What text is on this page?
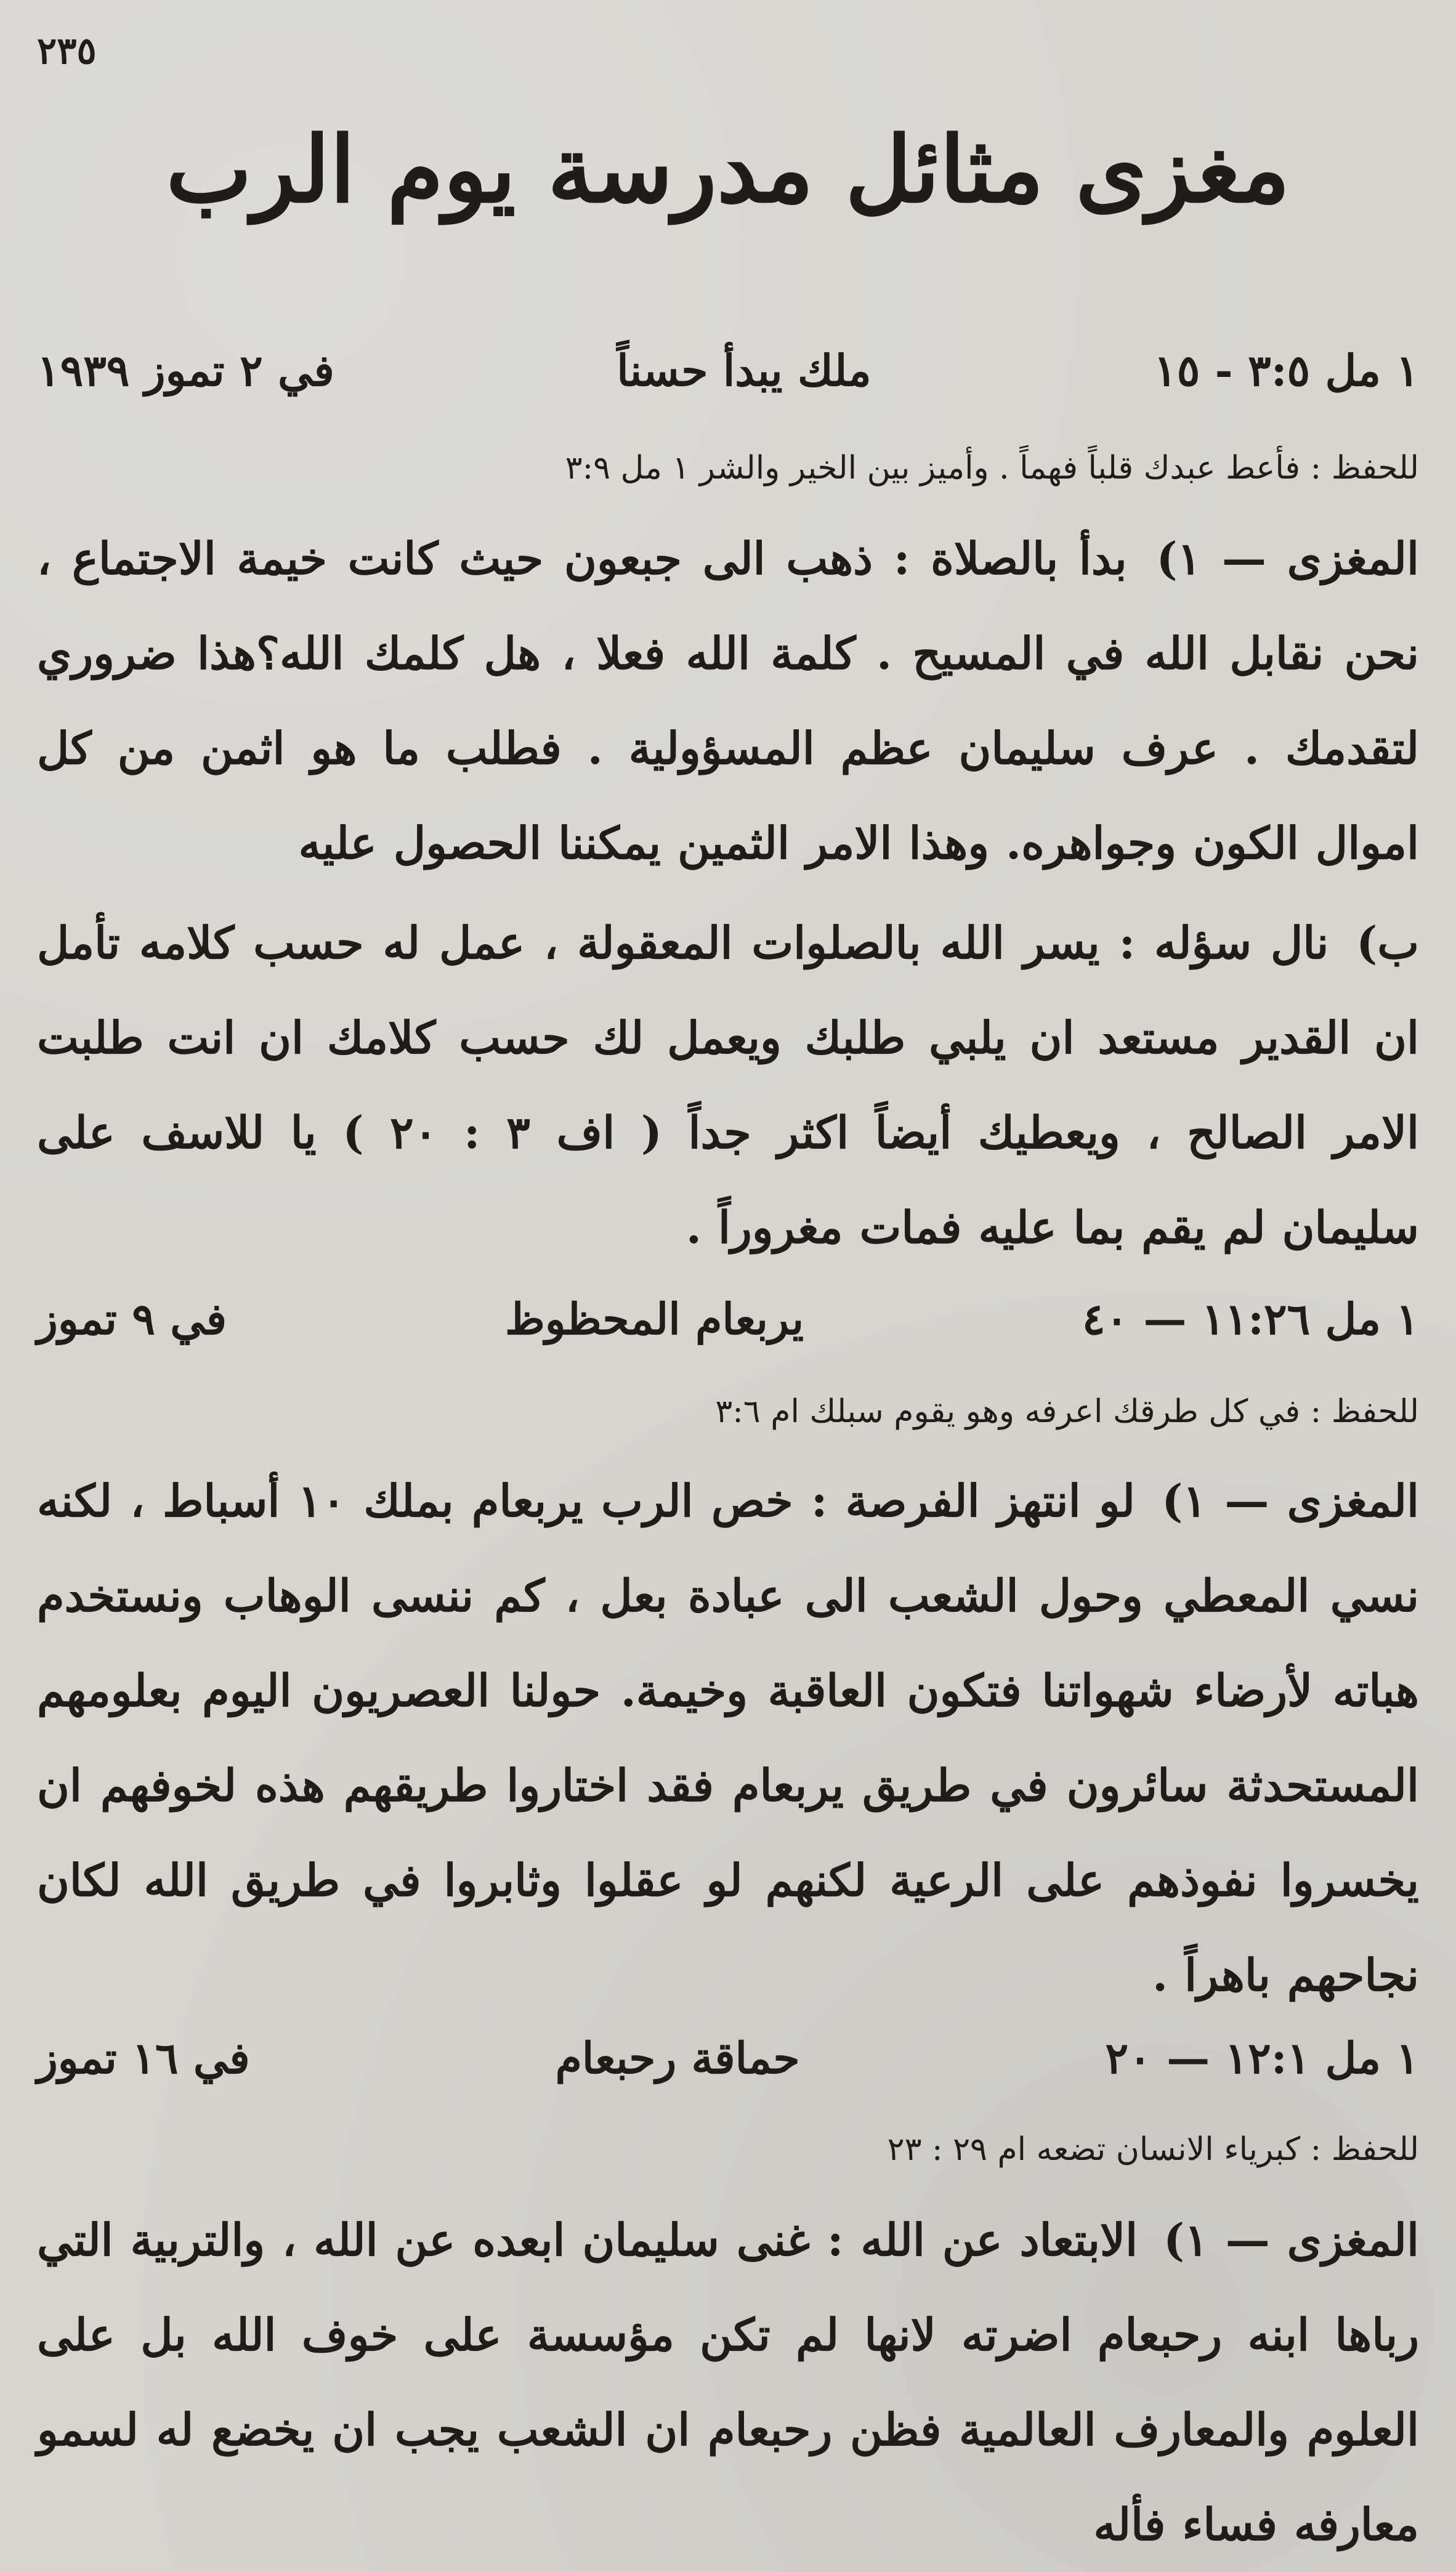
٢٣٥
مغزى مثائل مدرسة يوم الرب
في ٢ تموز ١٩٣٩	ملك يبدأ حسناً	١ مل ٣:٥ - ١٥
للحفظ : فأعط عبدك قلباً فهماً . وأميز بين الخير والشر ١ مل ٣:٩
المغزى — ١) بدأ بالصلاة : ذهب الى جبعون حيث كانت خيمة الاجتماع ، نحن نقابل الله في المسيح . كلمة الله فعلا ، هل كلمك الله؟هذا ضروري لتقدمك . عرف سليمان عظم المسؤولية . فطلب ما هو اثمن من كل اموال الكون وجواهره. وهذا الامر الثمين يمكننا الحصول عليه
ب) نال سؤله : يسر الله بالصلوات المعقولة ، عمل له حسب كلامه تأمل ان القدير مستعد ان يلبي طلبك ويعمل لك حسب كلامك ان انت طلبت الامر الصالح ، ويعطيك أيضاً اكثر جداً ( اف ٣ : ٢٠ ) يا للاسف على سليمان لم يقم بما عليه فمات مغروراً .
في ٩ تموز	يربعام المحظوظ	١ مل ١١:٢٦ — ٤٠
للحفظ : في كل طرقك اعرفه وهو يقوم سبلك ام ٣:٦
المغزى — ١) لو انتهز الفرصة : خص الرب يربعام بملك ١٠ أسباط ، لكنه نسي المعطي وحول الشعب الى عبادة بعل ، كم ننسى الوهاب ونستخدم هباته لأرضاء شهواتنا فتكون العاقبة وخيمة. حولنا العصريون اليوم بعلومهم المستحدثة سائرون في طريق يربعام فقد اختاروا طريقهم هذه لخوفهم ان يخسروا نفوذهم على الرعية لكنهم لو عقلوا وثابروا في طريق الله لكان نجاحهم باهراً .
في ١٦ تموز	حماقة رحبعام	١ مل ١٢:١ — ٢٠
للحفظ : كبرياء الانسان تضعه ام ٢٩ : ٢٣
المغزى — ١) الابتعاد عن الله : غنى سليمان ابعده عن الله ، والتربية التي رباها ابنه رحبعام اضرته لانها لم تكن مؤسسة على خوف الله بل على العلوم والمعارف العالمية فظن رحبعام ان الشعب يجب ان يخضع له لسمو معارفه فساء فأله
